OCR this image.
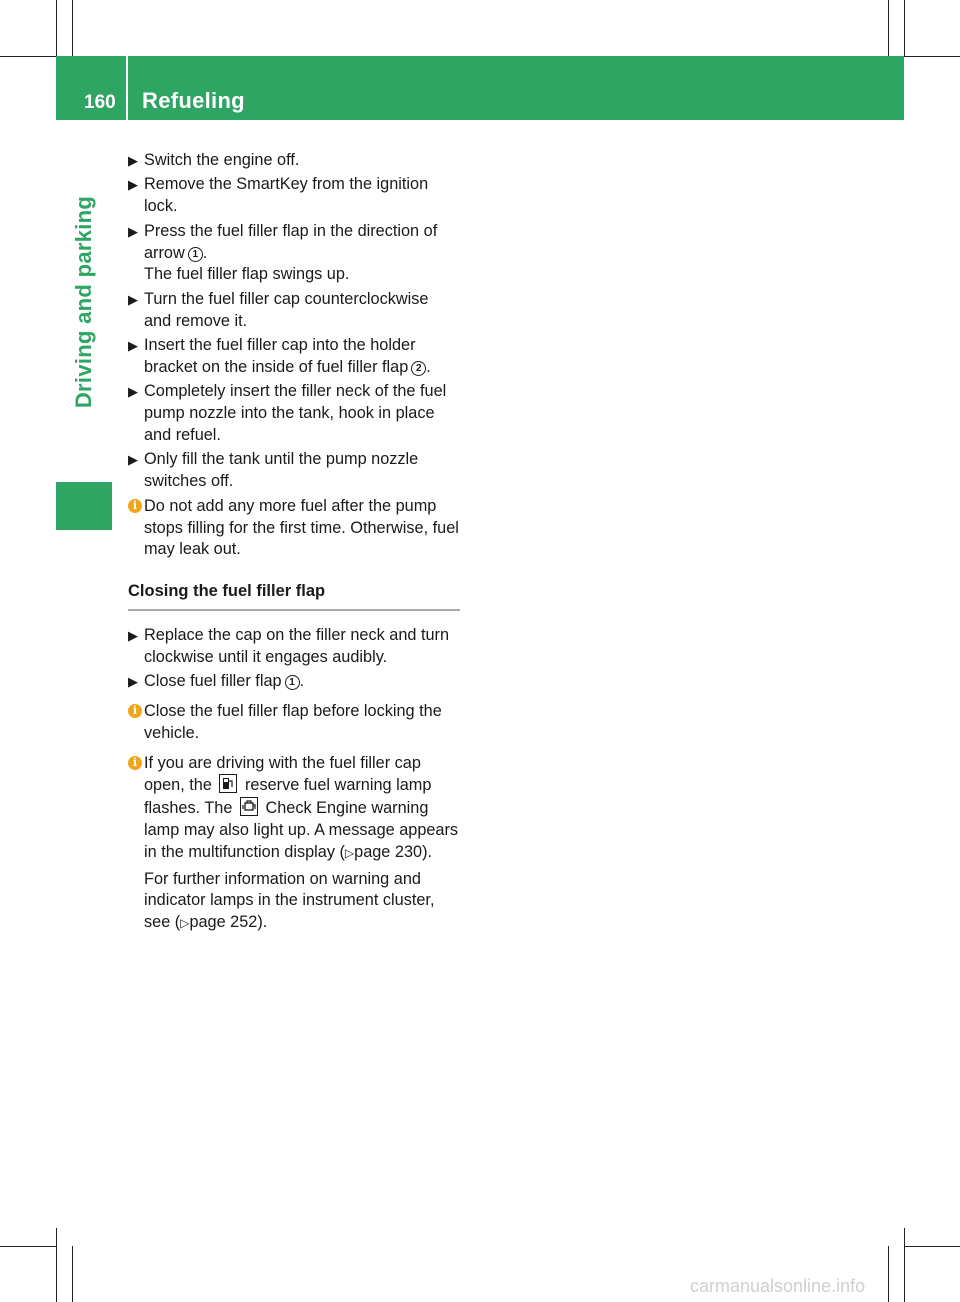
160 Refueling
Driving and parking
▶ Switch the engine off.
▶ Remove the SmartKey from the ignition lock.
▶ Press the fuel filler flap in the direction of arrow 1 .
The fuel filler flap swings up.
▶ Turn the fuel filler cap counterclockwise and remove it.
▶ Insert the fuel filler cap into the holder bracket on the inside of fuel filler flap 2 .
▶ Completely insert the filler neck of the fuel pump nozzle into the tank, hook in place and refuel.
▶ Only fill the tank until the pump nozzle switches off.
i Do not add any more fuel after the pump stops filling for the first time. Otherwise, fuel may leak out.
Closing the fuel filler flap
▶ Replace the cap on the filler neck and turn clockwise until it engages audibly.
▶ Close fuel filler flap 1 .
i Close the fuel filler flap before locking the vehicle.
i If you are driving with the fuel filler cap open, the reserve fuel warning lamp flashes. The Check Engine warning lamp may also light up. A message appears in the multifunction display (▷page 230).

For further information on warning and indicator lamps in the instrument cluster, see (▷page 252).

carmanualsonline.info
